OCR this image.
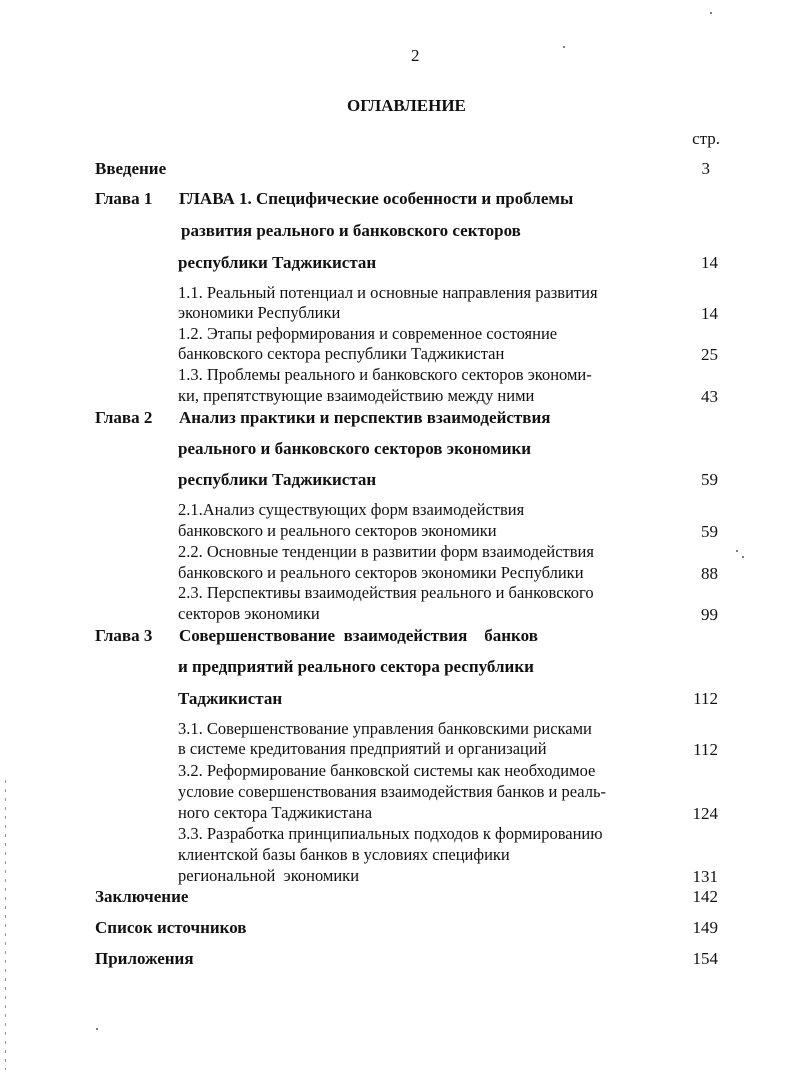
2
ОГЛАВЛЕНИЕ
стр.
Введение	3
Глава 1 ГЛАВА 1. Специфические особенности и проблемы
развития реального и банковского секторов
республики Таджикистан	14
1.1. Реальный потенциал и основные направления развития
экономики Республики	14
1.2. Этапы реформирования и современное состояние
банковского сектора республики Таджикистан	25
1.3. Проблемы реального и банковского секторов экономи-
ки, препятствующие взаимодействию между ними	43
Глава 2 Анализ практики и перспектив взаимодействия
реального и банковского секторов экономики
республики Таджикистан	59
2.1.Анализ существующих форм взаимодействия
банковского и реального секторов экономики	59
2.2. Основные тенденции в развитии форм взаимодействия
банковского и реального секторов экономики Республики	88
2.3. Перспективы взаимодействия реального и банковского
секторов экономики	99
Глава 3 Совершенствование  взаимодействия    банков
и предприятий реального сектора республики
Таджикистан	112
3.1. Совершенствование управления банковскими рисками
в системе кредитования предприятий и организаций	112
3.2. Реформирование банковской системы как необходимое
условие совершенствования взаимодействия банков и реаль-
ного сектора Таджикистана	124
3.3. Разработка принципиальных подходов к формированию
клиентской базы банков в условиях специфики
региональной  экономики	131
Заключение	142
Список источников	149
Приложения	154
